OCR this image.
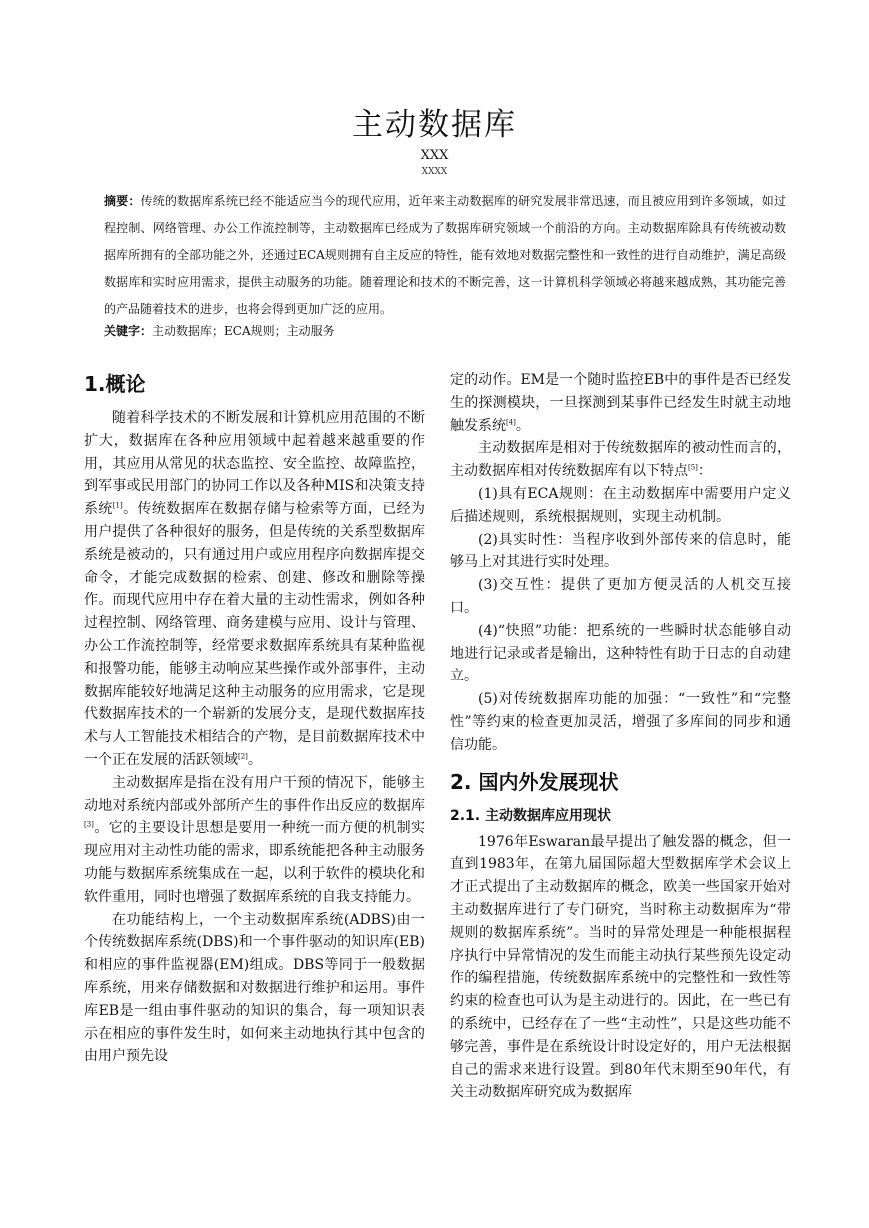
主动数据库
XXX
XXXX

摘要：传统的数据库系统已经不能适应当今的现代应用，近年来主动数据库的研究发展非常迅速，而且被应用到许多领域，如过程控制、网络管理、办公工作流控制等，主动数据库已经成为了数据库研究领域一个前沿的方向。主动数据库除具有传统被动数据库所拥有的全部功能之外，还通过ECA规则拥有自主反应的特性，能有效地对数据完整性和一致性的进行自动维护，满足高级数据库和实时应用需求，提供主动服务的功能。随着理论和技术的不断完善，这一计算机科学领域必将越来越成熟，其功能完善的产品随着技术的进步，也将会得到更加广泛的应用。

关键字：主动数据库；ECA规则；主动服务

1.概论

随着科学技术的不断发展和计算机应用范围的不断扩大，数据库在各种应用领域中起着越来越重要的作用，其应用从常见的状态监控、安全监控、故障监控，到军事或民用部门的协同工作以及各种MIS和决策支持系统[1]。传统数据库在数据存储与检索等方面，已经为用户提供了各种很好的服务，但是传统的关系型数据库系统是被动的，只有通过用户或应用程序向数据库提交命令，才能完成数据的检索、创建、修改和删除等操作。而现代应用中存在着大量的主动性需求，例如各种过程控制、网络管理、商务建模与应用、设计与管理、办公工作流控制等，经常要求数据库系统具有某种监视和报警功能，能够主动响应某些操作或外部事件，主动数据库能较好地满足这种主动服务的应用需求，它是现代数据库技术的一个崭新的发展分支，是现代数据库技术与人工智能技术相结合的产物，是目前数据库技术中一个正在发展的活跃领域[2]。

主动数据库是指在没有用户干预的情况下，能够主动地对系统内部或外部所产生的事件作出反应的数据库[3]。它的主要设计思想是要用一种统一而方便的机制实现应用对主动性功能的需求，即系统能把各种主动服务功能与数据库系统集成在一起，以利于软件的模块化和软件重用，同时也增强了数据库系统的自我支持能力。

在功能结构上，一个主动数据库系统(ADBS)由一个传统数据库系统(DBS)和一个事件驱动的知识库(EB)和相应的事件监视器(EM)组成。DBS等同于一般数据库系统，用来存储数据和对数据进行维护和运用。事件库EB是一组由事件驱动的知识的集合，每一项知识表示在相应的事件发生时，如何来主动地执行其中包含的由用户预先设

定的动作。EM是一个随时监控EB中的事件是否已经发生的探测模块，一旦探测到某事件已经发生时就主动地触发系统[4]。

主动数据库是相对于传统数据库的被动性而言的，主动数据库相对传统数据库有以下特点[5]：

(1)具有ECA规则：在主动数据库中需要用户定义后描述规则，系统根据规则，实现主动机制。

(2)具实时性：当程序收到外部传来的信息时，能够马上对其进行实时处理。

(3)交互性：提供了更加方便灵活的人机交互接口。

(4)“快照”功能：把系统的一些瞬时状态能够自动地进行记录或者是输出，这种特性有助于日志的自动建立。

(5)对传统数据库功能的加强：“一致性”和“完整性”等约束的检查更加灵活，增强了多库间的同步和通信功能。

2. 国内外发展现状
2.1. 主动数据库应用现状

1976年Eswaran最早提出了触发器的概念，但一直到1983年，在第九届国际超大型数据库学术会议上才正式提出了主动数据库的概念，欧美一些国家开始对主动数据库进行了专门研究，当时称主动数据库为“带规则的数据库系统”。当时的异常处理是一种能根据程序执行中异常情况的发生而能主动执行某些预先设定动作的编程措施，传统数据库系统中的完整性和一致性等约束的检查也可认为是主动进行的。因此，在一些已有的系统中，已经存在了一些“主动性”，只是这些功能不够完善，事件是在系统设计时设定好的，用户无法根据自己的需求来进行设置。到80年代末期至90年代，有关主动数据库研究成为数据库
